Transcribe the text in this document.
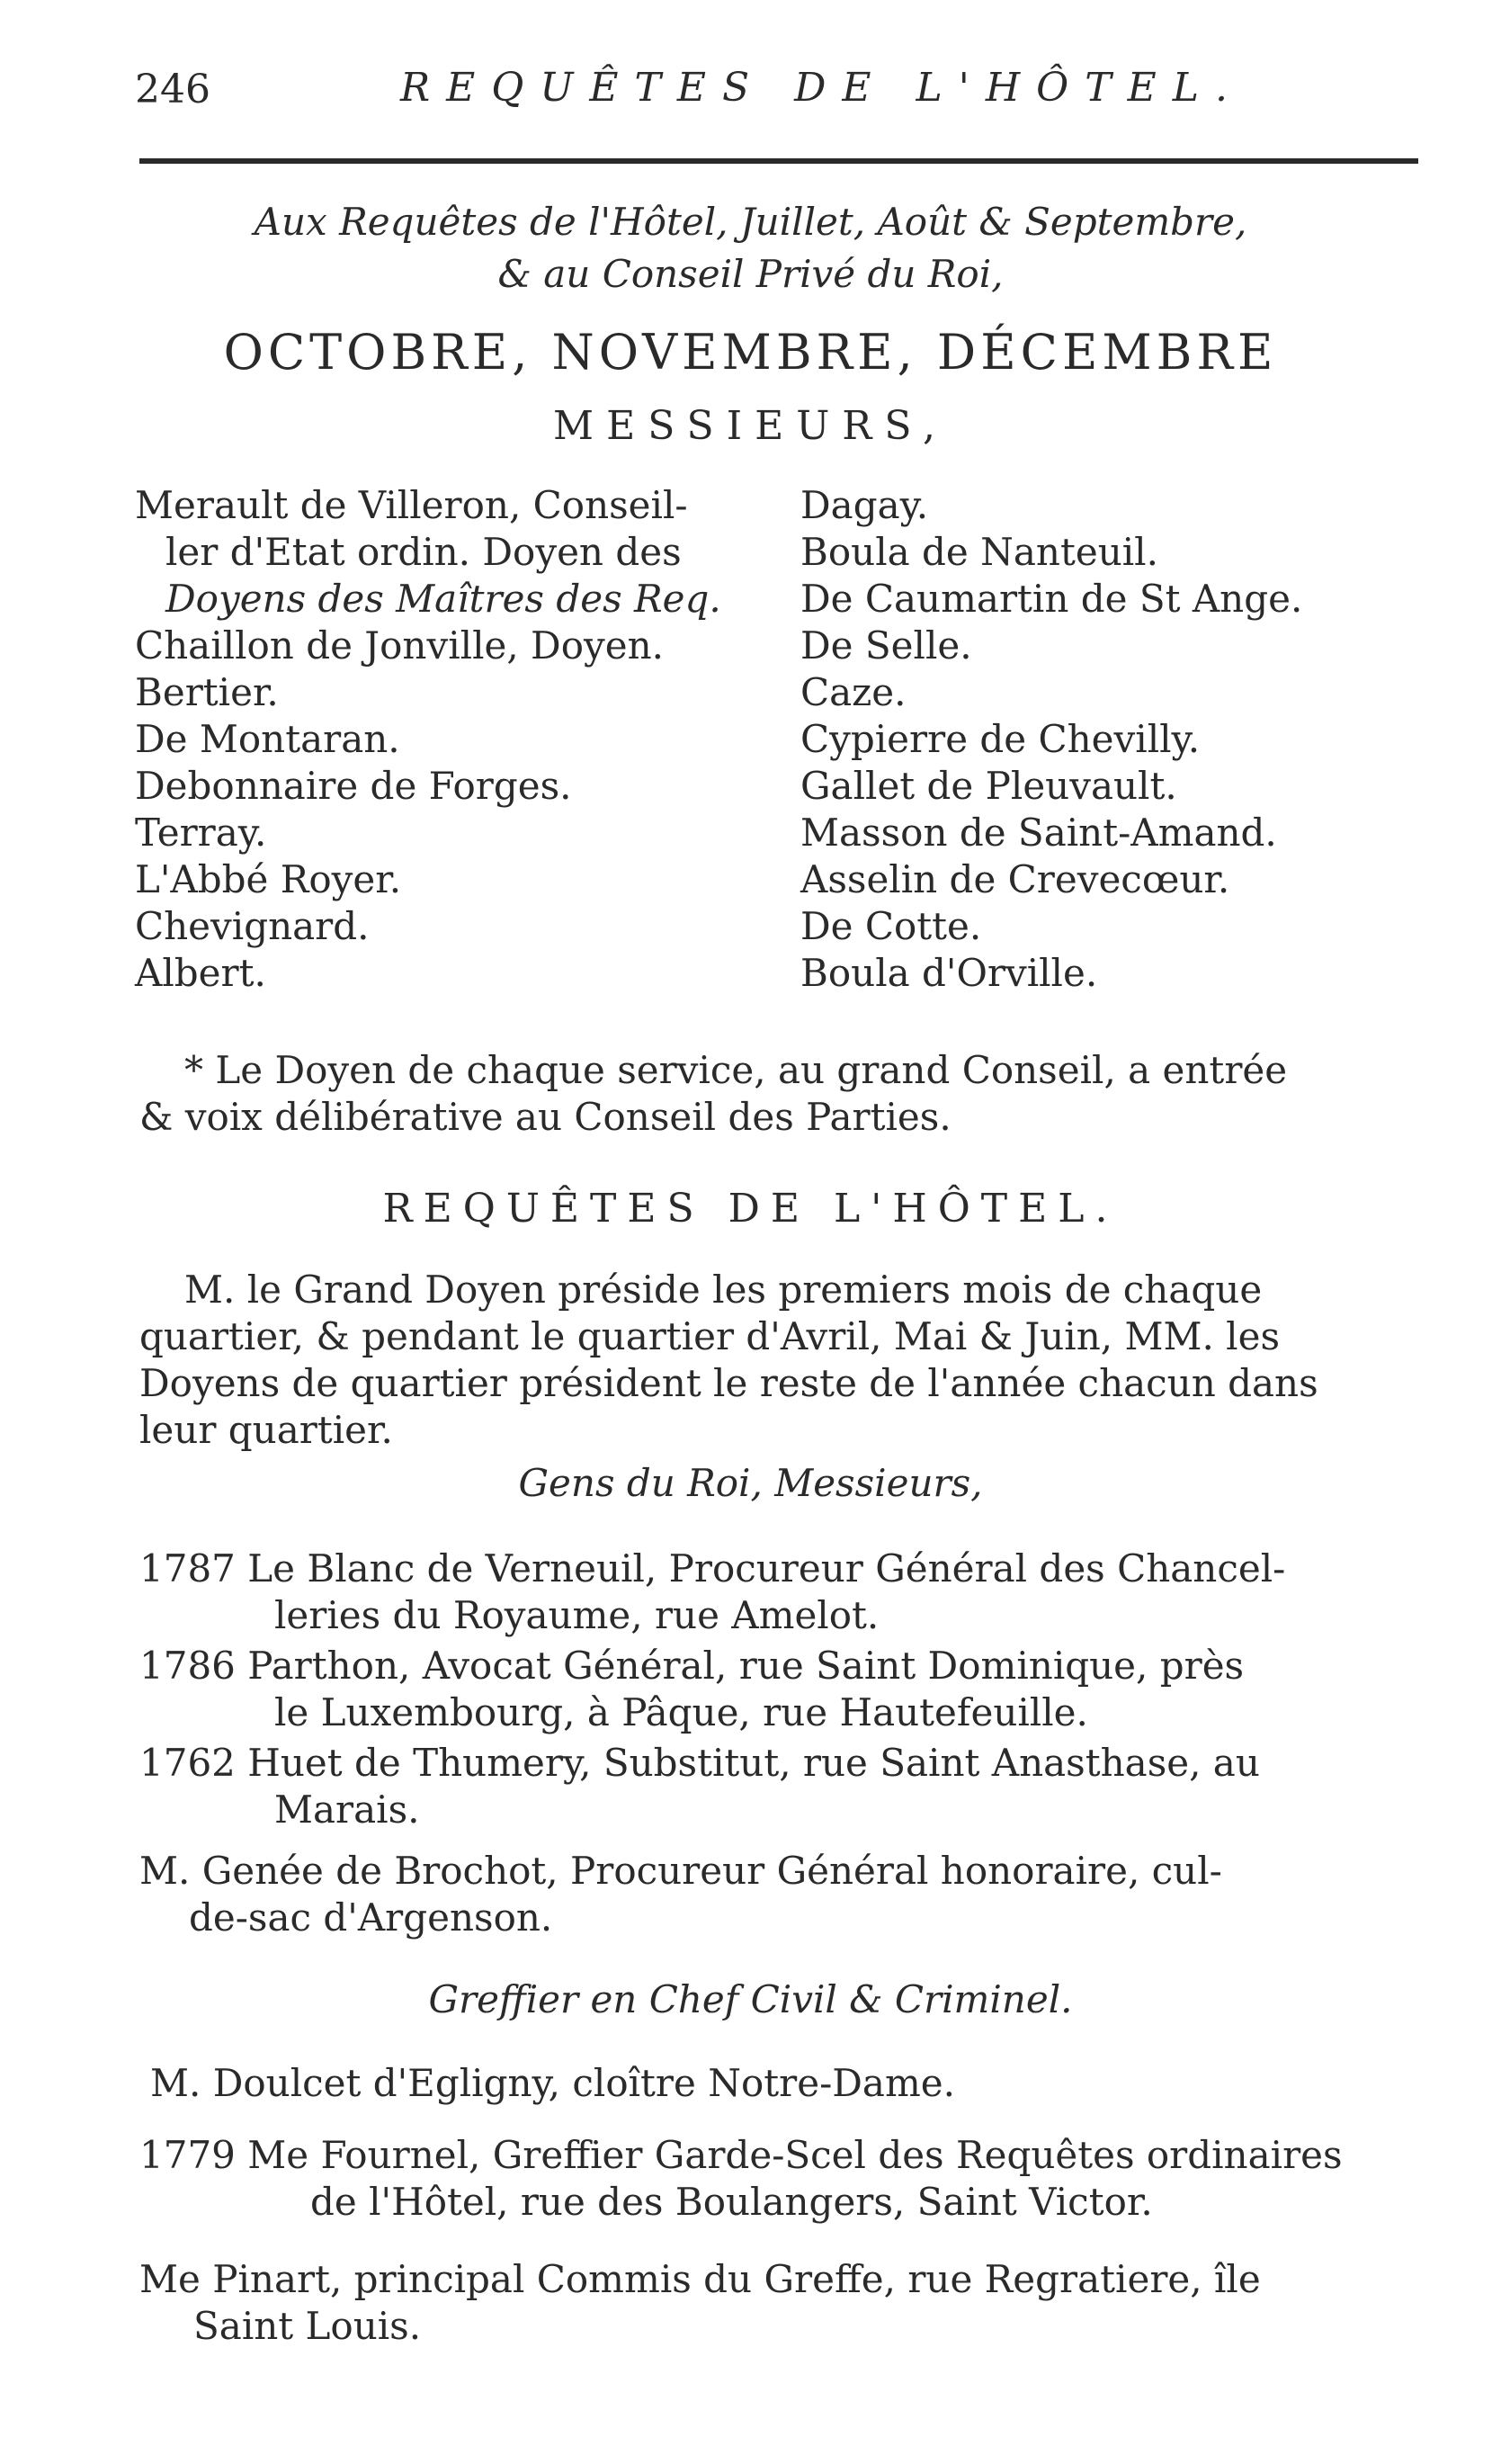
246	REQUÊTES DE L'HÔTEL.
Aux Requêtes de l'Hôtel, Juillet, Août & Septembre,
& au Conseil Privé du Roi,
OCTOBRE, NOVEMBRE, DÉCEMBRE
MESSIEURS,
Merault de Villeron, Conseil-
ler d'Etat ordin. Doyen des
Doyens des Maîtres des Req.
Chaillon de Jonville, Doyen.
Bertier.
De Montaran.
Debonnaire de Forges.
Terray.
L'Abbé Royer.
Chevignard.
Albert.
Dagay.
Boula de Nanteuil.
De Caumartin de St Ange.
De Selle.
Caze.
Cypierre de Chevilly.
Gallet de Pleuvault.
Masson de Saint-Amand.
Asselin de Crevecœur.
De Cotte.
Boula d'Orville.
* Le Doyen de chaque service, au grand Conseil, a entrée
& voix délibérative au Conseil des Parties.
REQUÊTES DE L'HÔTEL.
M. le Grand Doyen préside les premiers mois de chaque
quartier, & pendant le quartier d'Avril, Mai & Juin, MM. les
Doyens de quartier président le reste de l'année chacun dans
leur quartier.
Gens du Roi, Messieurs,
1787 Le Blanc de Verneuil, Procureur Général des Chancel-
leries du Royaume, rue Amelot.
1786 Parthon, Avocat Général, rue Saint Dominique, près
le Luxembourg, à Pâque, rue Hautefeuille.
1762 Huet de Thumery, Substitut, rue Saint Anasthase, au
Marais.
M. Genée de Brochot, Procureur Général honoraire, cul-
de-sac d'Argenson.
Greffier en Chef Civil & Criminel.
M. Doulcet d'Egligny, cloître Notre-Dame.
1779 Me Fournel, Greffier Garde-Scel des Requêtes ordinaires
de l'Hôtel, rue des Boulangers, Saint Victor.
Me Pinart, principal Commis du Greffe, rue Regratiere, île
Saint Louis.
